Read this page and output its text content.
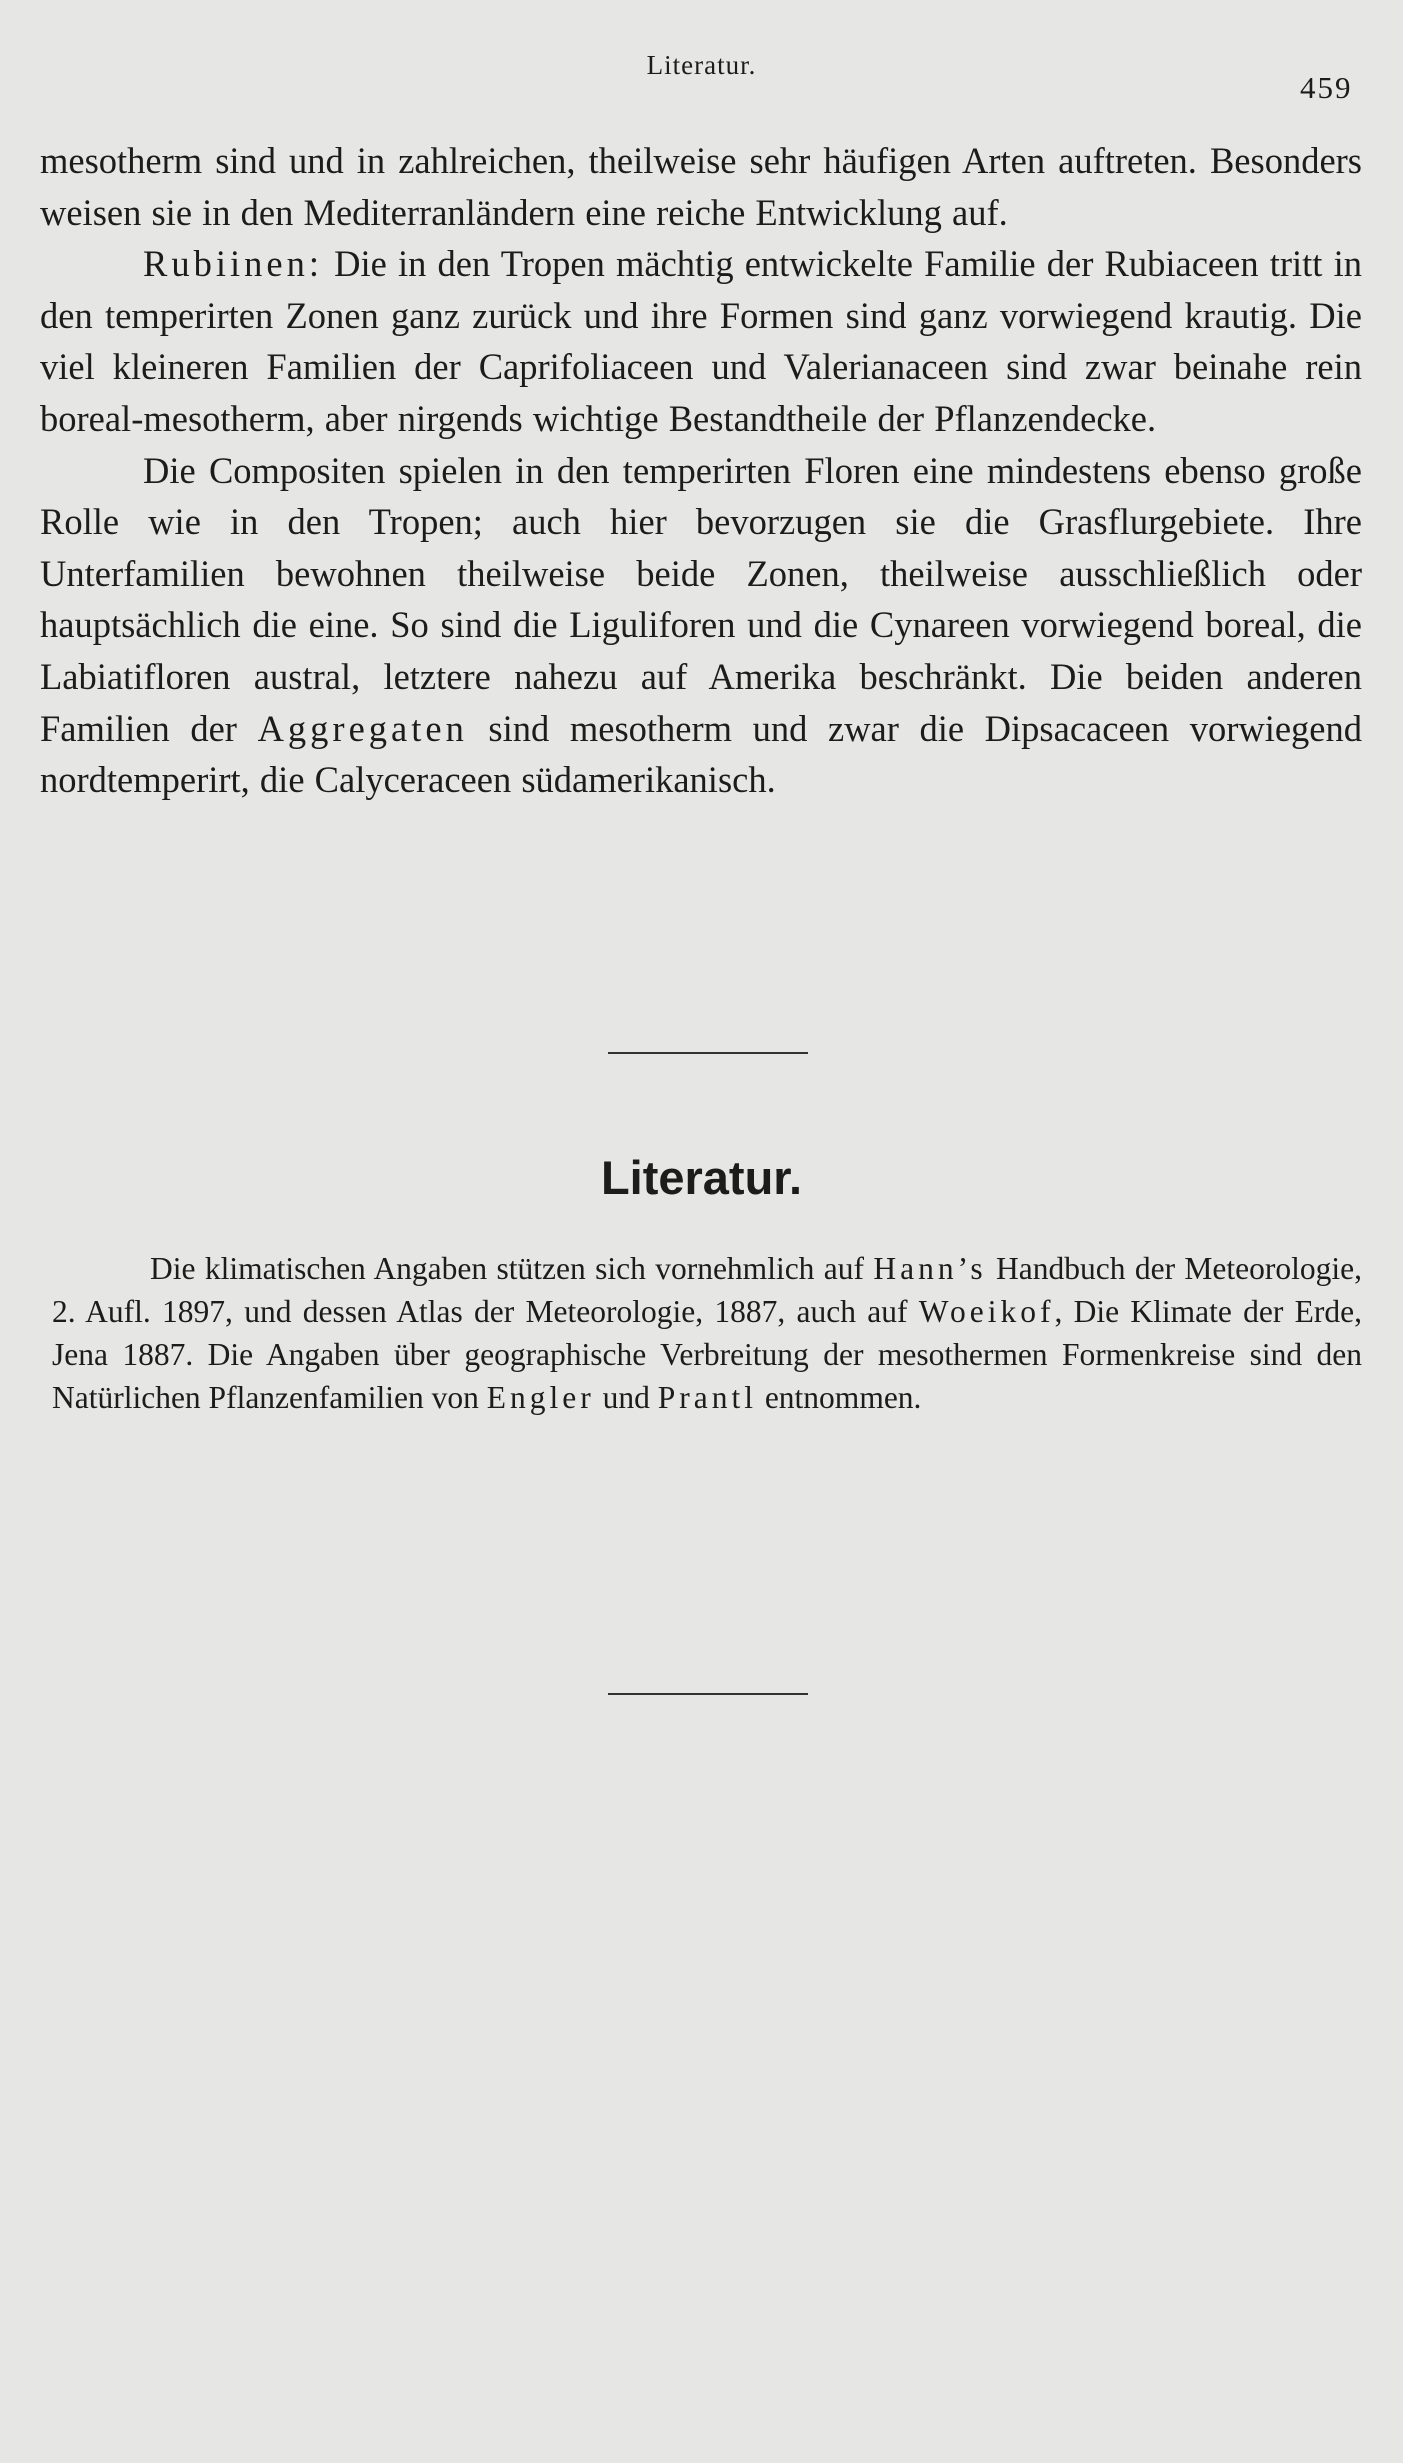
Literatur.
459

mesotherm sind und in zahlreichen, theilweise sehr häufigen Arten auftreten. Besonders weisen sie in den Mediterranländern eine reiche Entwicklung auf.

Rubiinen: Die in den Tropen mächtig entwickelte Familie der Rubiaceen tritt in den temperirten Zonen ganz zurück und ihre Formen sind ganz vorwiegend krautig. Die viel kleineren Familien der Caprifoliaceen und Valerianaceen sind zwar beinahe rein boreal-mesotherm, aber nirgends wichtige Bestandtheile der Pflanzendecke.

Die Compositen spielen in den temperirten Floren eine mindestens ebenso große Rolle wie in den Tropen; auch hier bevorzugen sie die Grasflurgebiete. Ihre Unterfamilien bewohnen theilweise beide Zonen, theilweise ausschließlich oder hauptsächlich die eine. So sind die Liguliforen und die Cynareen vorwiegend boreal, die Labiatifloren austral, letztere nahezu auf Amerika beschränkt. Die beiden anderen Familien der Aggregaten sind mesotherm und zwar die Dipsacaceen vorwiegend nordtemperirt, die Calyceraceen südamerikanisch.

Literatur.

Die klimatischen Angaben stützen sich vornehmlich auf Hann’s Handbuch der Meteorologie, 2. Aufl. 1897, und dessen Atlas der Meteorologie, 1887, auch auf Woeikof, Die Klimate der Erde, Jena 1887. Die Angaben über geographische Verbreitung der mesothermen Formenkreise sind den Natürlichen Pflanzenfamilien von Engler und Prantl entnommen.
